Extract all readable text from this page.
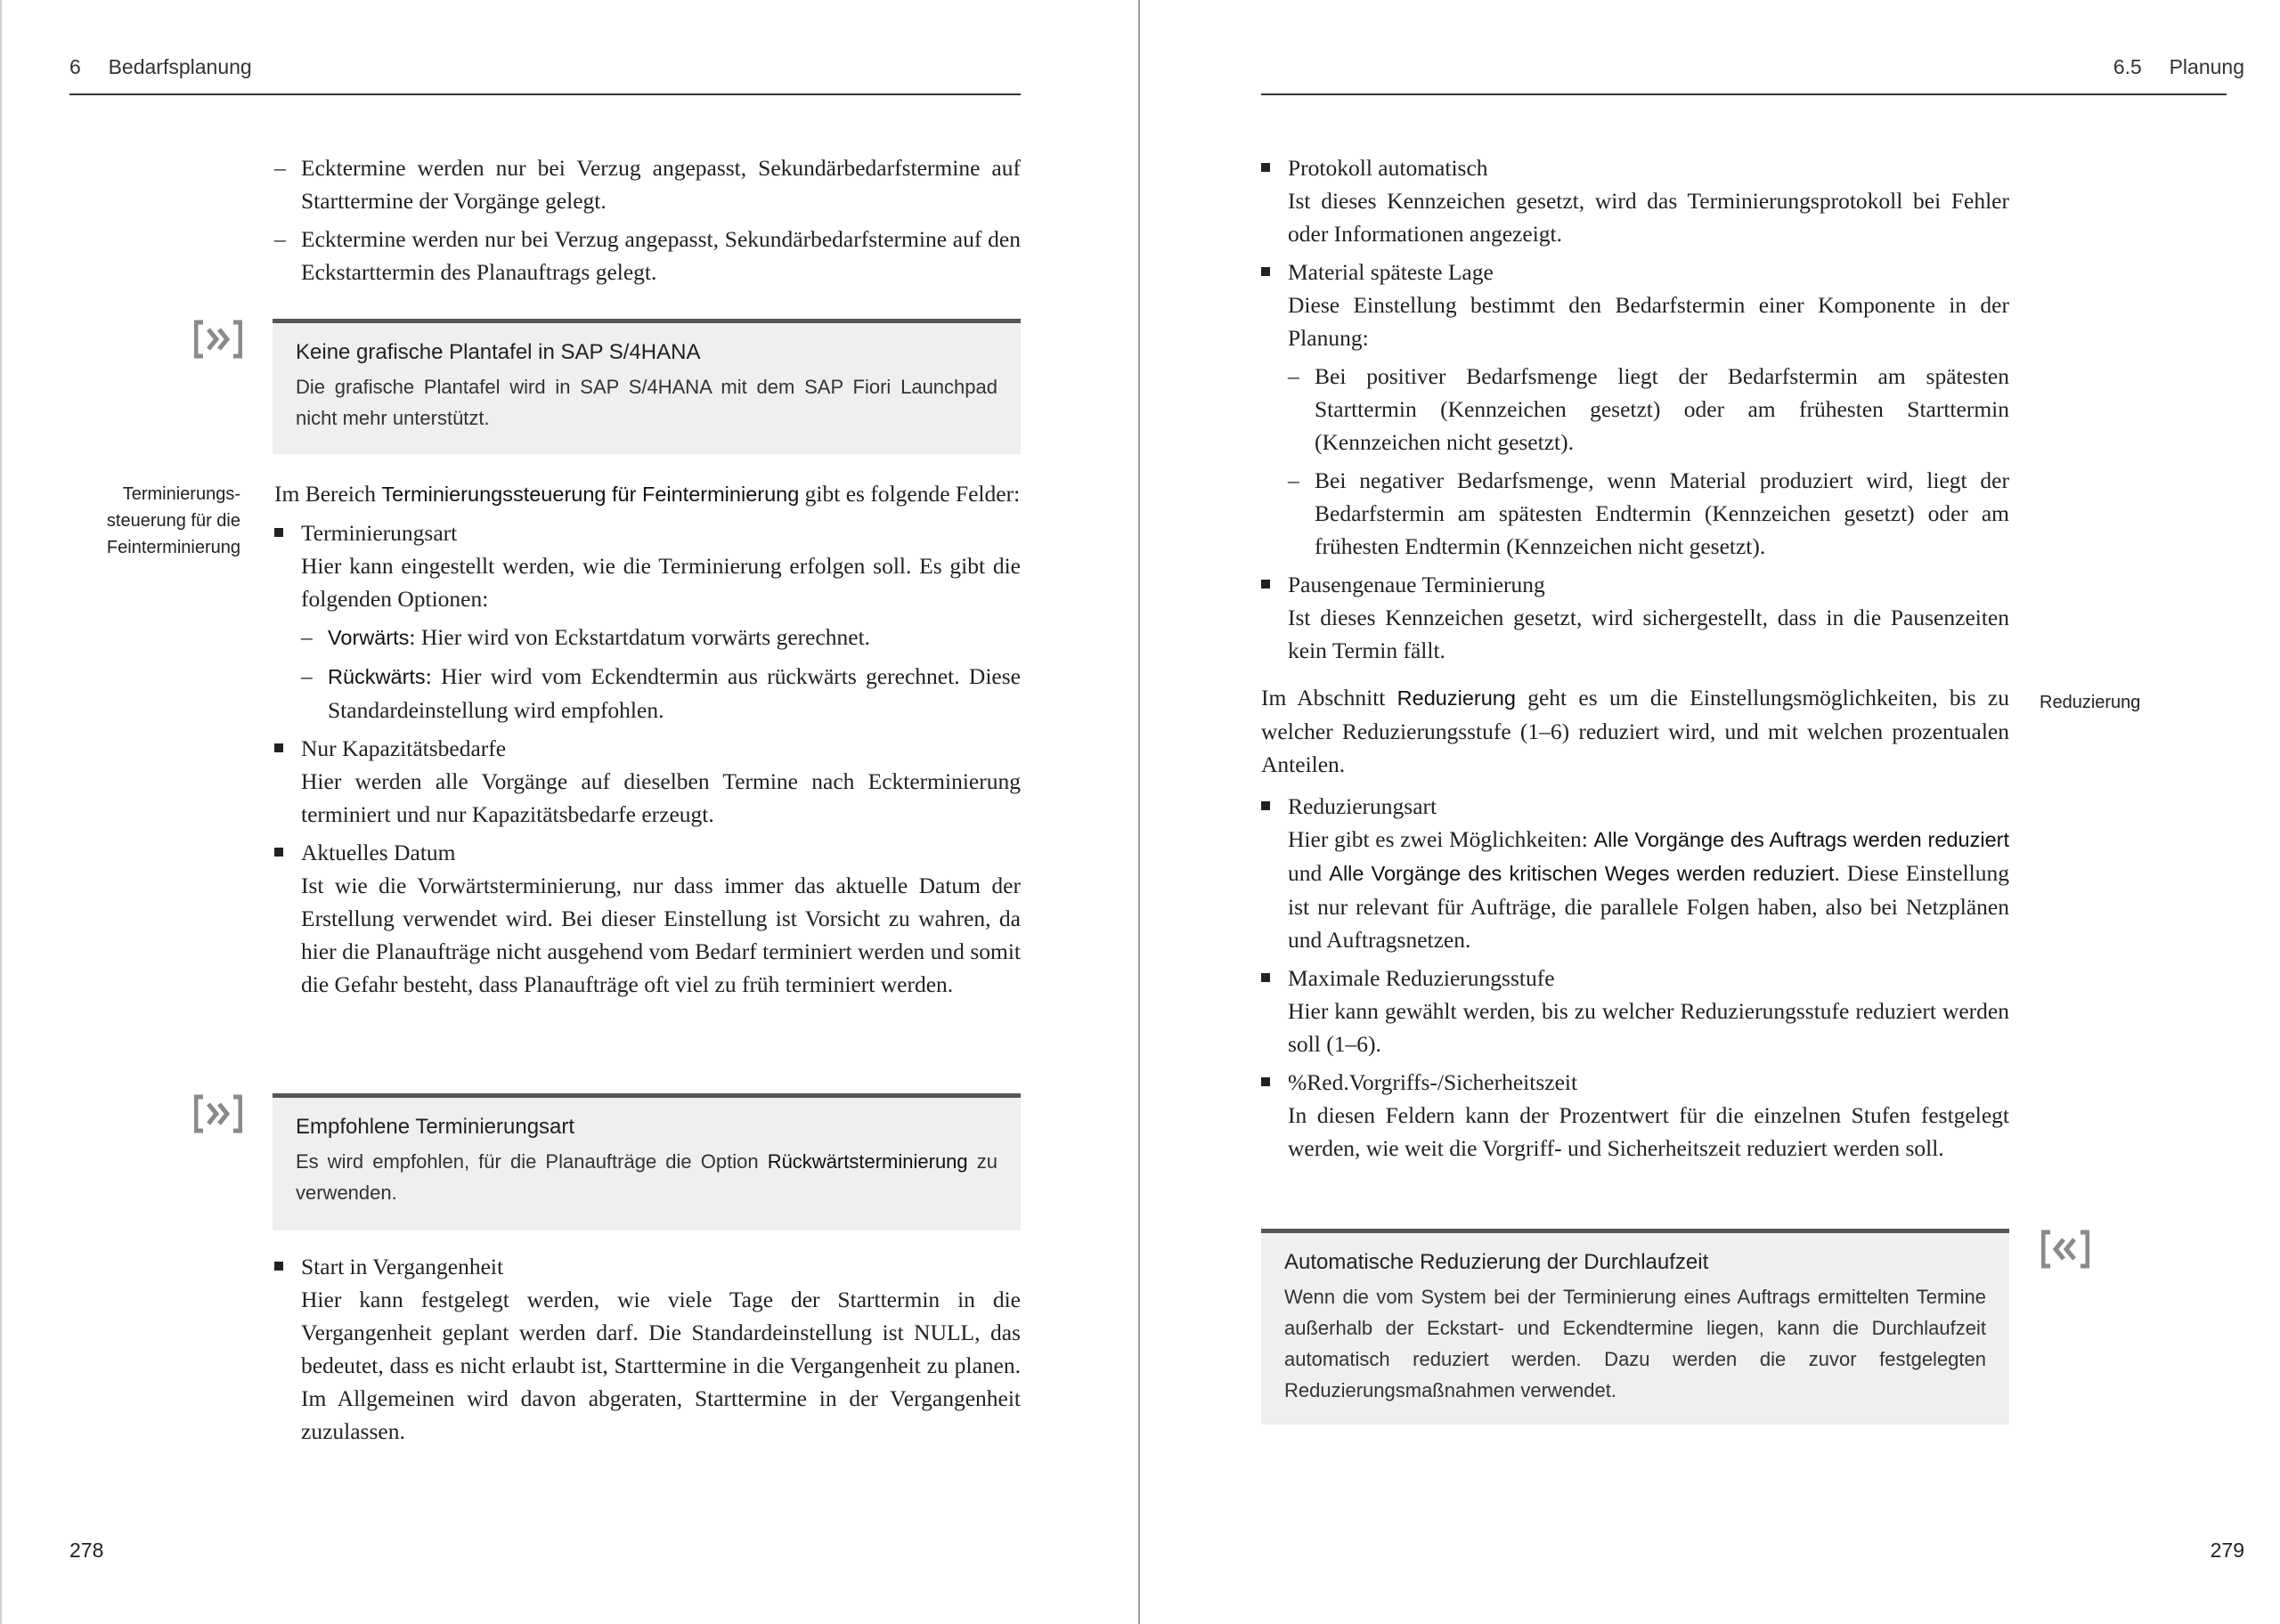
6 Bedarfsplanung
– Ecktermine werden nur bei Verzug angepasst, Sekundärbedarfstermine auf Starttermine der Vorgänge gelegt.
– Ecktermine werden nur bei Verzug angepasst, Sekundärbedarfstermine auf den Eckstarttermin des Planauftrags gelegt.
Keine grafische Plantafel in SAP S/4HANA
Die grafische Plantafel wird in SAP S/4HANA mit dem SAP Fiori Launchpad nicht mehr unterstützt.
Terminierungs-
steuerung für die
Feinterminierung

Im Bereich Terminierungssteuerung für Feinterminierung gibt es folgende Felder:

Terminierungsart
Hier kann eingestellt werden, wie die Terminierung erfolgen soll. Es gibt die folgenden Optionen:
– Vorwärts: Hier wird von Eckstartdatum vorwärts gerechnet.
– Rückwärts: Hier wird vom Eckendtermin aus rückwärts gerechnet. Diese Standardeinstellung wird empfohlen.
Nur Kapazitätsbedarfe
Hier werden alle Vorgänge auf dieselben Termine nach Eckterminierung terminiert und nur Kapazitätsbedarfe erzeugt.
Aktuelles Datum
Ist wie die Vorwärtsterminierung, nur dass immer das aktuelle Datum der Erstellung verwendet wird. Bei dieser Einstellung ist Vorsicht zu wahren, da hier die Planaufträge nicht ausgehend vom Bedarf terminiert werden und somit die Gefahr besteht, dass Planaufträge oft viel zu früh terminiert werden.
Empfohlene Terminierungsart
Es wird empfohlen, für die Planaufträge die Option Rückwärtsterminierung zu verwenden.
Start in Vergangenheit
Hier kann festgelegt werden, wie viele Tage der Starttermin in die Vergangenheit geplant werden darf. Die Standardeinstellung ist NULL, das bedeutet, dass es nicht erlaubt ist, Starttermine in die Vergangenheit zu planen. Im Allgemeinen wird davon abgeraten, Starttermine in der Vergangenheit zuzulassen.
278
6.5 Planung
Protokoll automatisch
Ist dieses Kennzeichen gesetzt, wird das Terminierungsprotokoll bei Fehler oder Informationen angezeigt.
Material späteste Lage
Diese Einstellung bestimmt den Bedarfstermin einer Komponente in der Planung:
– Bei positiver Bedarfsmenge liegt der Bedarfstermin am spätesten Starttermin (Kennzeichen gesetzt) oder am frühesten Starttermin (Kennzeichen nicht gesetzt).
– Bei negativer Bedarfsmenge, wenn Material produziert wird, liegt der Bedarfstermin am spätesten Endtermin (Kennzeichen gesetzt) oder am frühesten Endtermin (Kennzeichen nicht gesetzt).
Pausengenaue Terminierung
Ist dieses Kennzeichen gesetzt, wird sichergestellt, dass in die Pausenzeiten kein Termin fällt.

Im Abschnitt Reduzierung geht es um die Einstellungsmöglichkeiten, bis zu welcher Reduzierungsstufe (1–6) reduziert wird, und mit welchen prozentualen Anteilen.

Reduzierungsart
Hier gibt es zwei Möglichkeiten: Alle Vorgänge des Auftrags werden reduziert und Alle Vorgänge des kritischen Weges werden reduziert. Diese Einstellung ist nur relevant für Aufträge, die parallele Folgen haben, also bei Netzplänen und Auftragsnetzen.
Maximale Reduzierungsstufe
Hier kann gewählt werden, bis zu welcher Reduzierungsstufe reduziert werden soll (1–6).
%Red.Vorgriffs-/Sicherheitszeit
In diesen Feldern kann der Prozentwert für die einzelnen Stufen festgelegt werden, wie weit die Vorgriff- und Sicherheitszeit reduziert werden soll.
Reduzierung
Automatische Reduzierung der Durchlaufzeit
Wenn die vom System bei der Terminierung eines Auftrags ermittelten Termine außerhalb der Eckstart- und Eckendtermine liegen, kann die Durchlaufzeit automatisch reduziert werden. Dazu werden die zuvor festgelegten Reduzierungsmaßnahmen verwendet.
279
